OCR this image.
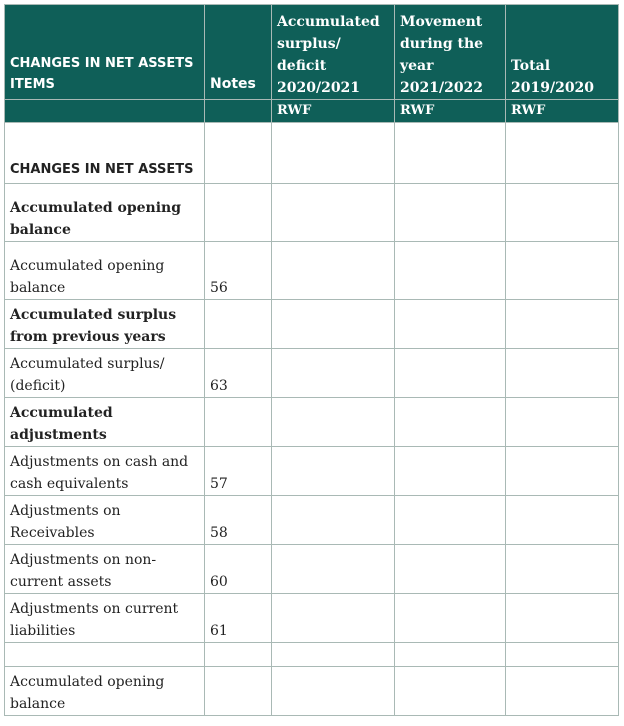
CHANGES IN NET ASSETS ITEMS	Notes	Accumulated surplus/ deficit 2020/2021	Movement during the year 2021/2022	Total 2019/2020
		RWF	RWF	RWF
CHANGES IN NET ASSETS				
Accumulated opening balance				
Accumulated opening balance	56			
Accumulated surplus from previous years				
Accumulated surplus/ (deficit)	63			
Accumulated adjustments				
Adjustments on cash and cash equivalents	57			
Adjustments on Receivables	58			
Adjustments on non-current assets	60			
Adjustments on current liabilities	61			

Accumulated opening balance				
